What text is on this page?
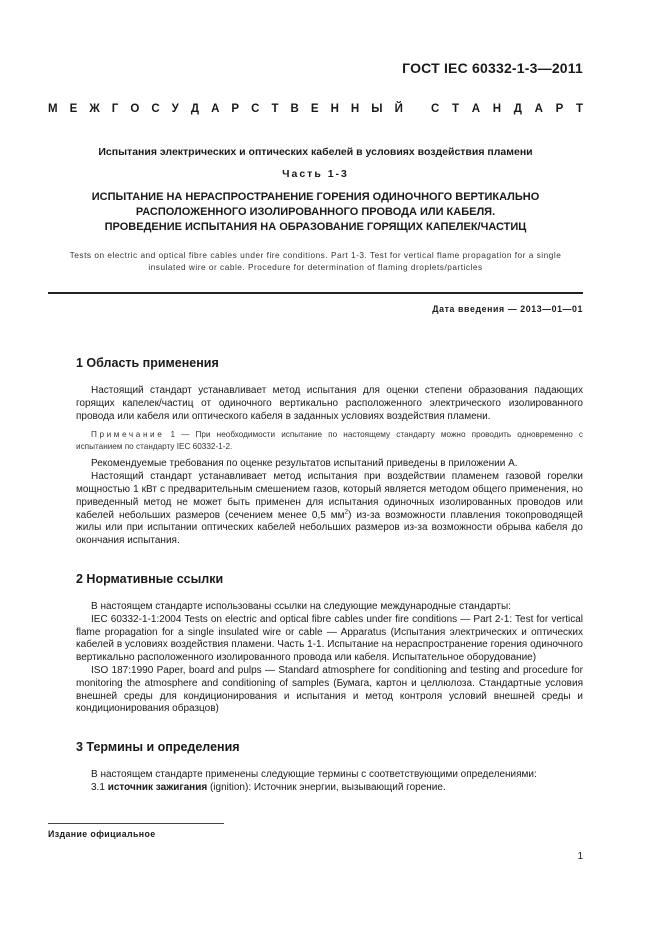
ГОСТ IEC 60332-1-3—2011
М Е Ж Г О С У Д А Р С Т В Е Н Н Ы Й С Т А Н Д А Р Т

Испытания электрических и оптических кабелей в условиях воздействия пламени

Часть 1-3

ИСПЫТАНИЕ НА НЕРАСПРОСТРАНЕНИЕ ГОРЕНИЯ ОДИНОЧНОГО ВЕРТИКАЛЬНО
РАСПОЛОЖЕННОГО ИЗОЛИРОВАННОГО ПРОВОДА ИЛИ КАБЕЛЯ.
ПРОВЕДЕНИЕ ИСПЫТАНИЯ НА ОБРАЗОВАНИЕ ГОРЯЩИХ КАПЕЛЕК/ЧАСТИЦ

Tests on electric and optical fibre cables under fire conditions. Part 1-3. Test for vertical flame propagation for a single
insulated wire or cable. Procedure for determination of flaming droplets/particles

Дата введения — 2013—01—01
1 Область применения

Настоящий стандарт устанавливает метод испытания для оценки степени образования падающих горящих капелек/частиц от одиночного вертикально расположенного электрического изолированного провода или кабеля или оптического кабеля в заданных условиях воздействия пламени.

Примечание 1 — При необходимости испытание по настоящему стандарту можно проводить одновременно с испытанием по стандарту IEC 60332-1-2.

Рекомендуемые требования по оценке результатов испытаний приведены в приложении А.

Настоящий стандарт устанавливает метод испытания при воздействии пламенем газовой горелки мощностью 1 кВт с предварительным смешением газов, который является методом общего применения, но приведенный метод не может быть применен для испытания одиночных изолированных проводов или кабелей небольших размеров (сечением менее 0,5 $мм^2$) из-за возможности плавления токопроводящей жилы или при испытании оптических кабелей небольших размеров из-за возможности обрыва кабеля до окончания испытания.

2 Нормативные ссылки

В настоящем стандарте использованы ссылки на следующие международные стандарты:

IEC 60332-1-1:2004 Tests on electric and optical fibre cables under fire conditions — Part 2-1: Test for vertical flame propagation for a single insulated wire or cable — Apparatus (Испытания электрических и оптических кабелей в условиях воздействия пламени. Часть 1-1. Испытание на нераспространение горения одиночного вертикально расположенного изолированного провода или кабеля. Испытательное оборудование)

ISO 187:1990 Paper, board and pulps — Standard atmosphere for conditioning and testing and procedure for monitoring the atmosphere and conditioning of samples (Бумага, картон и целлюлоза. Стандартные условия внешней среды для кондиционирования и испытания и метод контроля условий внешней среды и кондиционирования образцов)

3 Термины и определения

В настоящем стандарте применены следующие термины с соответствующими определениями:

3.1 источник зажигания (ignition): Источник энергии, вызывающий горение.

Издание официальное
1
